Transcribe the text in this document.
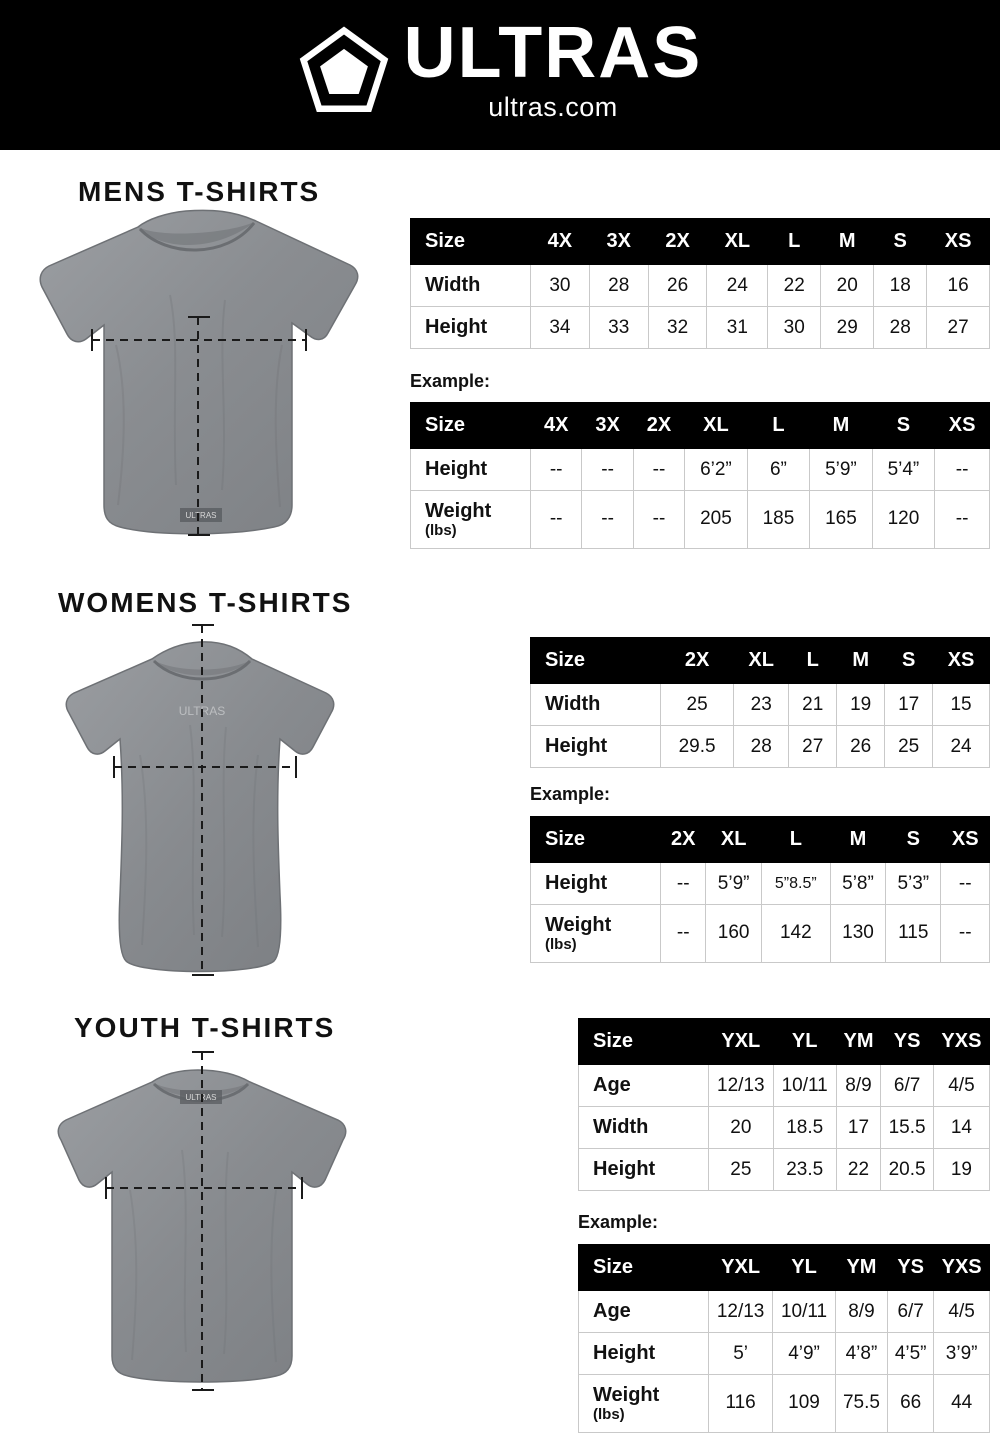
ULTRAS
ultras.com
MENS T-SHIRTS
ULTRAS
Size	4X	3X	2X	XL	L	M	S	XS
Width	30	28	26	24	22	20	18	16
Height	34	33	32	31	30	29	28	27
Example:
Size	4X	3X	2X	XL	L	M	S	XS
Height	--	--	--	6’2”	6”	5’9”	5’4”	--
Weight
(lbs)	--	--	--	205	185	165	120	--
WOMENS T-SHIRTS
ULTRAS
Size	2X	XL	L	M	S	XS
Width	25	23	21	19	17	15
Height	29.5	28	27	26	25	24
Example:
Size	2X	XL	L	M	S	XS
Height	--	5’9”	5”8.5”	5’8”	5’3”	--
Weight
(lbs)	--	160	142	130	115	--
YOUTH T-SHIRTS
ULTRAS
Size	YXL	YL	YM	YS	YXS
Age	12/13	10/11	8/9	6/7	4/5
Width	20	18.5	17	15.5	14
Height	25	23.5	22	20.5	19
Example:
Size	YXL	YL	YM	YS	YXS
Age	12/13	10/11	8/9	6/7	4/5
Height	5’	4’9”	4’8”	4’5”	3’9”
Weight
(lbs)	116	109	75.5	66	44
